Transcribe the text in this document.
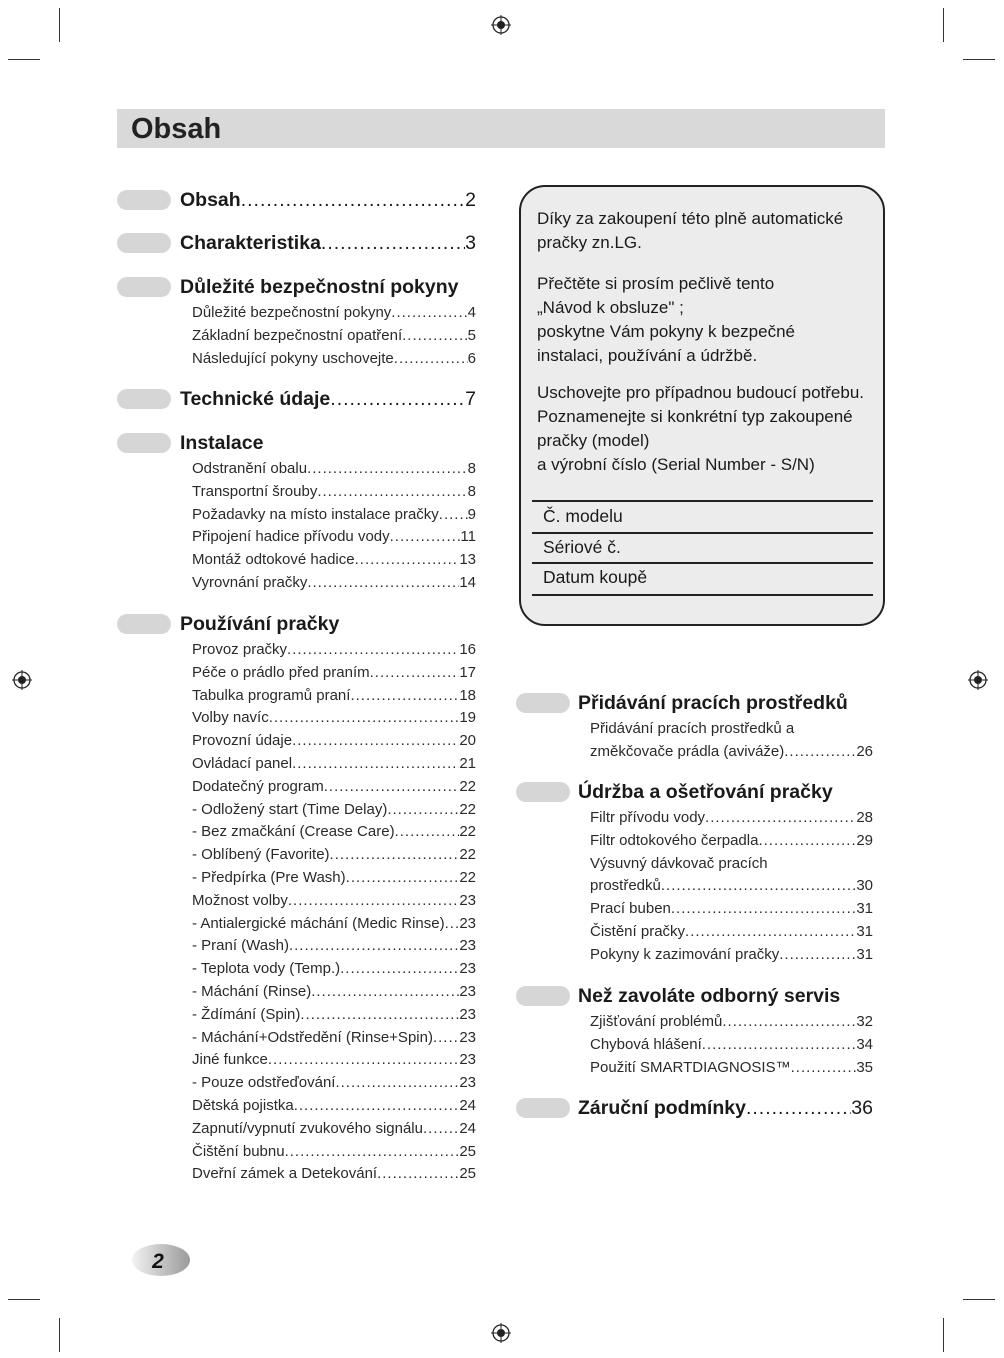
Obsah
Obsah .....	2
Charakteristika .....	3
Důležité bezpečnostní pokyny
Důležité bezpečnostní pokyny .....	4
Základní bezpečnostní opatření .....	5
Následující pokyny uschovejte .....	6
Technické údaje .....	7
Instalace
Odstranění obalu .....	8
Transportní šrouby .....	8
Požadavky na místo instalace pračky ..... 9
Připojení hadice přívodu vody .....	11
Montáž odtokové hadice .....	13
Vyrovnání pračky .....	14
Používání pračky
Provoz pračky .....	16
Péče o prádlo před praním .....	17
Tabulka programů praní .....	18
Volby navíc .....	19
Provozní údaje .....	20
Ovládací panel .....	21
Dodatečný program .....	22
- Odložený start (Time Delay) .....	22
- Bez zmačkání (Crease Care) .....	22
- Oblíbený (Favorite) .....	22
- Předpírka (Pre Wash) .....	22
Možnost volby .....	23
- Antialergické máchání (Medic Rinse) ..... 23
- Praní (Wash) .....	23
- Teplota vody (Temp.) .....	23
- Máchání (Rinse) .....	23
- Ždímání (Spin) .....	23
- Máchání+Odstředění (Rinse+Spin) ..... 23
Jiné funkce .....	23
- Pouze odstřeďování .....	23
Dětská pojistka .....	24
Zapnutí/vypnutí zvukového signálu ..... 24
Čištění bubnu .....	25
Dveřní zámek a Detekování .....	25
Přidávání pracích prostředků
Přidávání pracích prostředků a
změkčovače prádla (aviváže) .....	26
Údržba a ošetřování pračky
Filtr přívodu vody .....	28
Filtr odtokového čerpadla .....	29
Výsuvný dávkovač pracích
prostředků .....	30
Prací buben .....	31
Čistění pračky .....	31
Pokyny k zazimování pračky .....	31
Než zavoláte odborný servis
Zjišťování problémů .....	32
Chybová hlášení .....	34
Použití SMARTDIAGNOSIS™ .....	35
Záruční podmínky .....	36
Díky za zakoupení této plně automatické
pračky zn.LG.
Přečtěte si prosím pečlivě tento
„Návod k obsluze" ;
poskytne Vám pokyny k bezpečné
instalaci, používání a údržbě.
Uschovejte pro případnou budoucí potřebu.
Poznamenejte si konkrétní typ zakoupené
pračky (model)
a výrobní číslo (Serial Number - S/N)
Č. modelu
Sériové č.
Datum koupě
2
